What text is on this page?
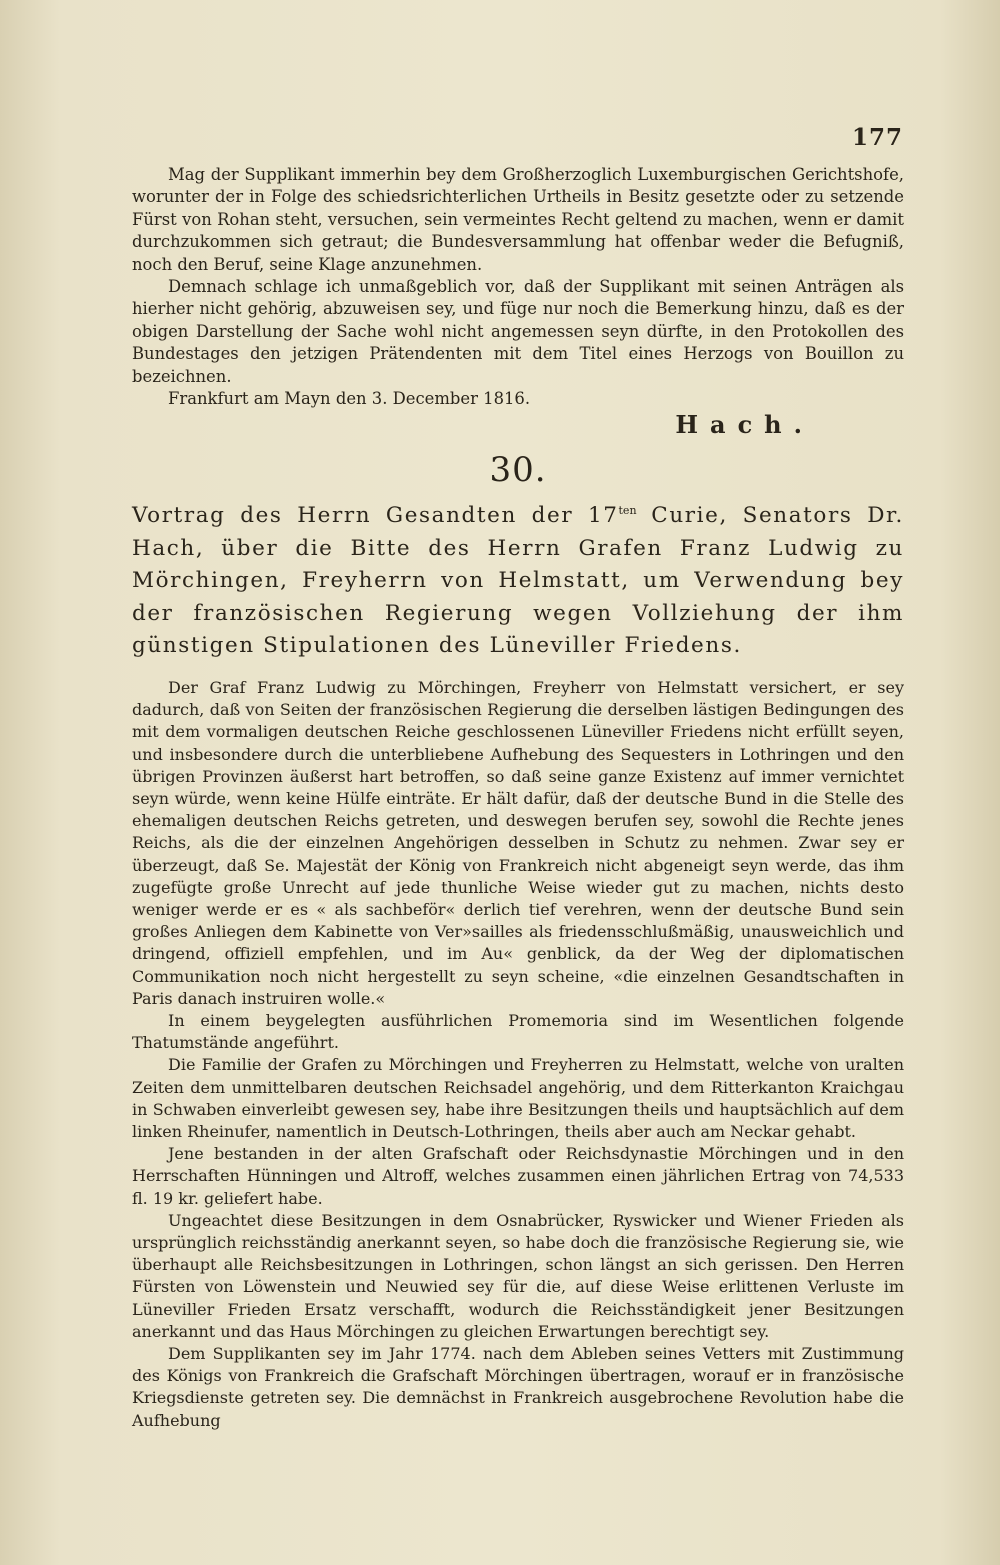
177

Mag der Supplikant immerhin bey dem Großherzoglich Luxemburgischen Gerichtshofe, worunter der in Folge des schiedsrichterlichen Urtheils in Besitz gesetzte oder zu setzende Fürst von Rohan steht, versuchen, sein vermeintes Recht geltend zu machen, wenn er damit durchzukommen sich getraut; die Bundesversammlung hat offenbar weder die Befugniß, noch den Beruf, seine Klage anzunehmen.

Demnach schlage ich unmaßgeblich vor, daß der Supplikant mit seinen Anträgen als hierher nicht gehörig, abzuweisen sey, und füge nur noch die Bemerkung hinzu, daß es der obigen Darstellung der Sache wohl nicht angemessen seyn dürfte, in den Protokollen des Bundestages den jetzigen Prätendenten mit dem Titel eines Herzogs von Bouillon zu bezeichnen.

Frankfurt am Mayn den 3. December 1816.

Hach.
30.
Vortrag des Herrn Gesandten der $17^{ten}$ Curie, Senators Dr. Hach, über die Bitte des Herrn Grafen Franz Ludwig zu Mörchingen, Freyherrn von Helmstatt, um Verwendung bey der französischen Regierung wegen Vollziehung der ihm günstigen Stipulationen des Lüneviller Friedens.

Der Graf Franz Ludwig zu Mörchingen, Freyherr von Helmstatt versichert, er sey dadurch, daß von Seiten der französischen Regierung die derselben lästigen Bedingungen des mit dem vormaligen deutschen Reiche geschlossenen Lüneviller Friedens nicht erfüllt seyen, und insbesondere durch die unterbliebene Aufhebung des Sequesters in Lothringen und den übrigen Provinzen äußerst hart betroffen, so daß seine ganze Existenz auf immer vernichtet seyn würde, wenn keine Hülfe einträte. Er hält dafür, daß der deutsche Bund in die Stelle des ehemaligen deutschen Reichs getreten, und deswegen berufen sey, sowohl die Rechte jenes Reichs, als die der einzelnen Angehörigen desselben in Schutz zu nehmen. Zwar sey er überzeugt, daß Se. Majestät der König von Frankreich nicht abgeneigt seyn werde, das ihm zugefügte große Unrecht auf jede thunliche Weise wieder gut zu machen, nichts desto weniger werde er es « als sachbeför« derlich tief verehren, wenn der deutsche Bund sein großes Anliegen dem Kabinette von Ver»sailles als friedensschlußmäßig, unausweichlich und dringend, offiziell empfehlen, und im Au« genblick, da der Weg der diplomatischen Communikation noch nicht hergestellt zu seyn scheine, «die einzelnen Gesandtschaften in Paris danach instruiren wolle.«

In einem beygelegten ausführlichen Promemoria sind im Wesentlichen folgende Thatumstände angeführt.

Die Familie der Grafen zu Mörchingen und Freyherren zu Helmstatt, welche von uralten Zeiten dem unmittelbaren deutschen Reichsadel angehörig, und dem Ritterkanton Kraichgau in Schwaben einverleibt gewesen sey, habe ihre Besitzungen theils und hauptsächlich auf dem linken Rheinufer, namentlich in Deutsch-Lothringen, theils aber auch am Neckar gehabt.

Jene bestanden in der alten Grafschaft oder Reichsdynastie Mörchingen und in den Herrschaften Hünningen und Altroff, welches zusammen einen jährlichen Ertrag von 74,533 fl. 19 kr. geliefert habe.

Ungeachtet diese Besitzungen in dem Osnabrücker, Ryswicker und Wiener Frieden als ursprünglich reichsständig anerkannt seyen, so habe doch die französische Regierung sie, wie überhaupt alle Reichsbesitzungen in Lothringen, schon längst an sich gerissen. Den Herren Fürsten von Löwenstein und Neuwied sey für die, auf diese Weise erlittenen Verluste im Lüneviller Frieden Ersatz verschafft, wodurch die Reichsständigkeit jener Besitzungen anerkannt und das Haus Mörchingen zu gleichen Erwartungen berechtigt sey.

Dem Supplikanten sey im Jahr 1774. nach dem Ableben seines Vetters mit Zustimmung des Königs von Frankreich die Grafschaft Mörchingen übertragen, worauf er in französische Kriegsdienste getreten sey. Die demnächst in Frankreich ausgebrochene Revolution habe die Aufhebung
